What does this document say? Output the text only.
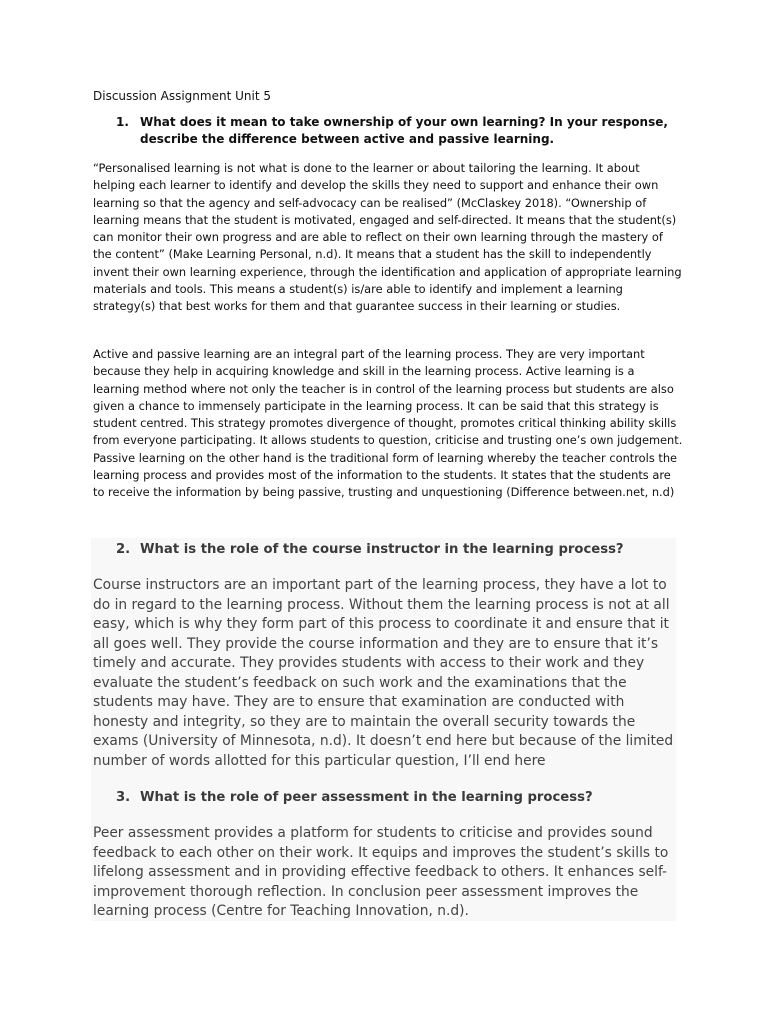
Discussion Assignment Unit 5
1. What does it mean to take ownership of your own learning? In your response, describe the difference between active and passive learning.

“Personalised learning is not what is done to the learner or about tailoring the learning. It about helping each learner to identify and develop the skills they need to support and enhance their own learning so that the agency and self-advocacy can be realised” (McClaskey 2018). “Ownership of learning means that the student is motivated, engaged and self-directed. It means that the student(s) can monitor their own progress and are able to reflect on their own learning through the mastery of the content” (Make Learning Personal, n.d). It means that a student has the skill to independently invent their own learning experience, through the identification and application of appropriate learning materials and tools. This means a student(s) is/are able to identify and implement a learning strategy(s) that best works for them and that guarantee success in their learning or studies.

Active and passive learning are an integral part of the learning process. They are very important because they help in acquiring knowledge and skill in the learning process. Active learning is a learning method where not only the teacher is in control of the learning process but students are also given a chance to immensely participate in the learning process. It can be said that this strategy is student centred. This strategy promotes divergence of thought, promotes critical thinking ability skills from everyone participating. It allows students to question, criticise and trusting one’s own judgement. Passive learning on the other hand is the traditional form of learning whereby the teacher controls the learning process and provides most of the information to the students. It states that the students are to receive the information by being passive, trusting and unquestioning (Difference between.net, n.d)

2. What is the role of the course instructor in the learning process?

Course instructors are an important part of the learning process, they have a lot to do in regard to the learning process. Without them the learning process is not at all easy, which is why they form part of this process to coordinate it and ensure that it all goes well. They provide the course information and they are to ensure that it’s timely and accurate. They provides students with access to their work and they evaluate the student’s feedback on such work and the examinations that the students may have. They are to ensure that examination are conducted with honesty and integrity, so they are to maintain the overall security towards the exams (University of Minnesota, n.d). It doesn’t end here but because of the limited number of words allotted for this particular question, I’ll end here

3. What is the role of peer assessment in the learning process?

Peer assessment provides a platform for students to criticise and provides sound feedback to each other on their work. It equips and improves the student’s skills to lifelong assessment and in providing effective feedback to others. It enhances self-improvement thorough reflection. In conclusion peer assessment improves the learning process (Centre for Teaching Innovation, n.d).
